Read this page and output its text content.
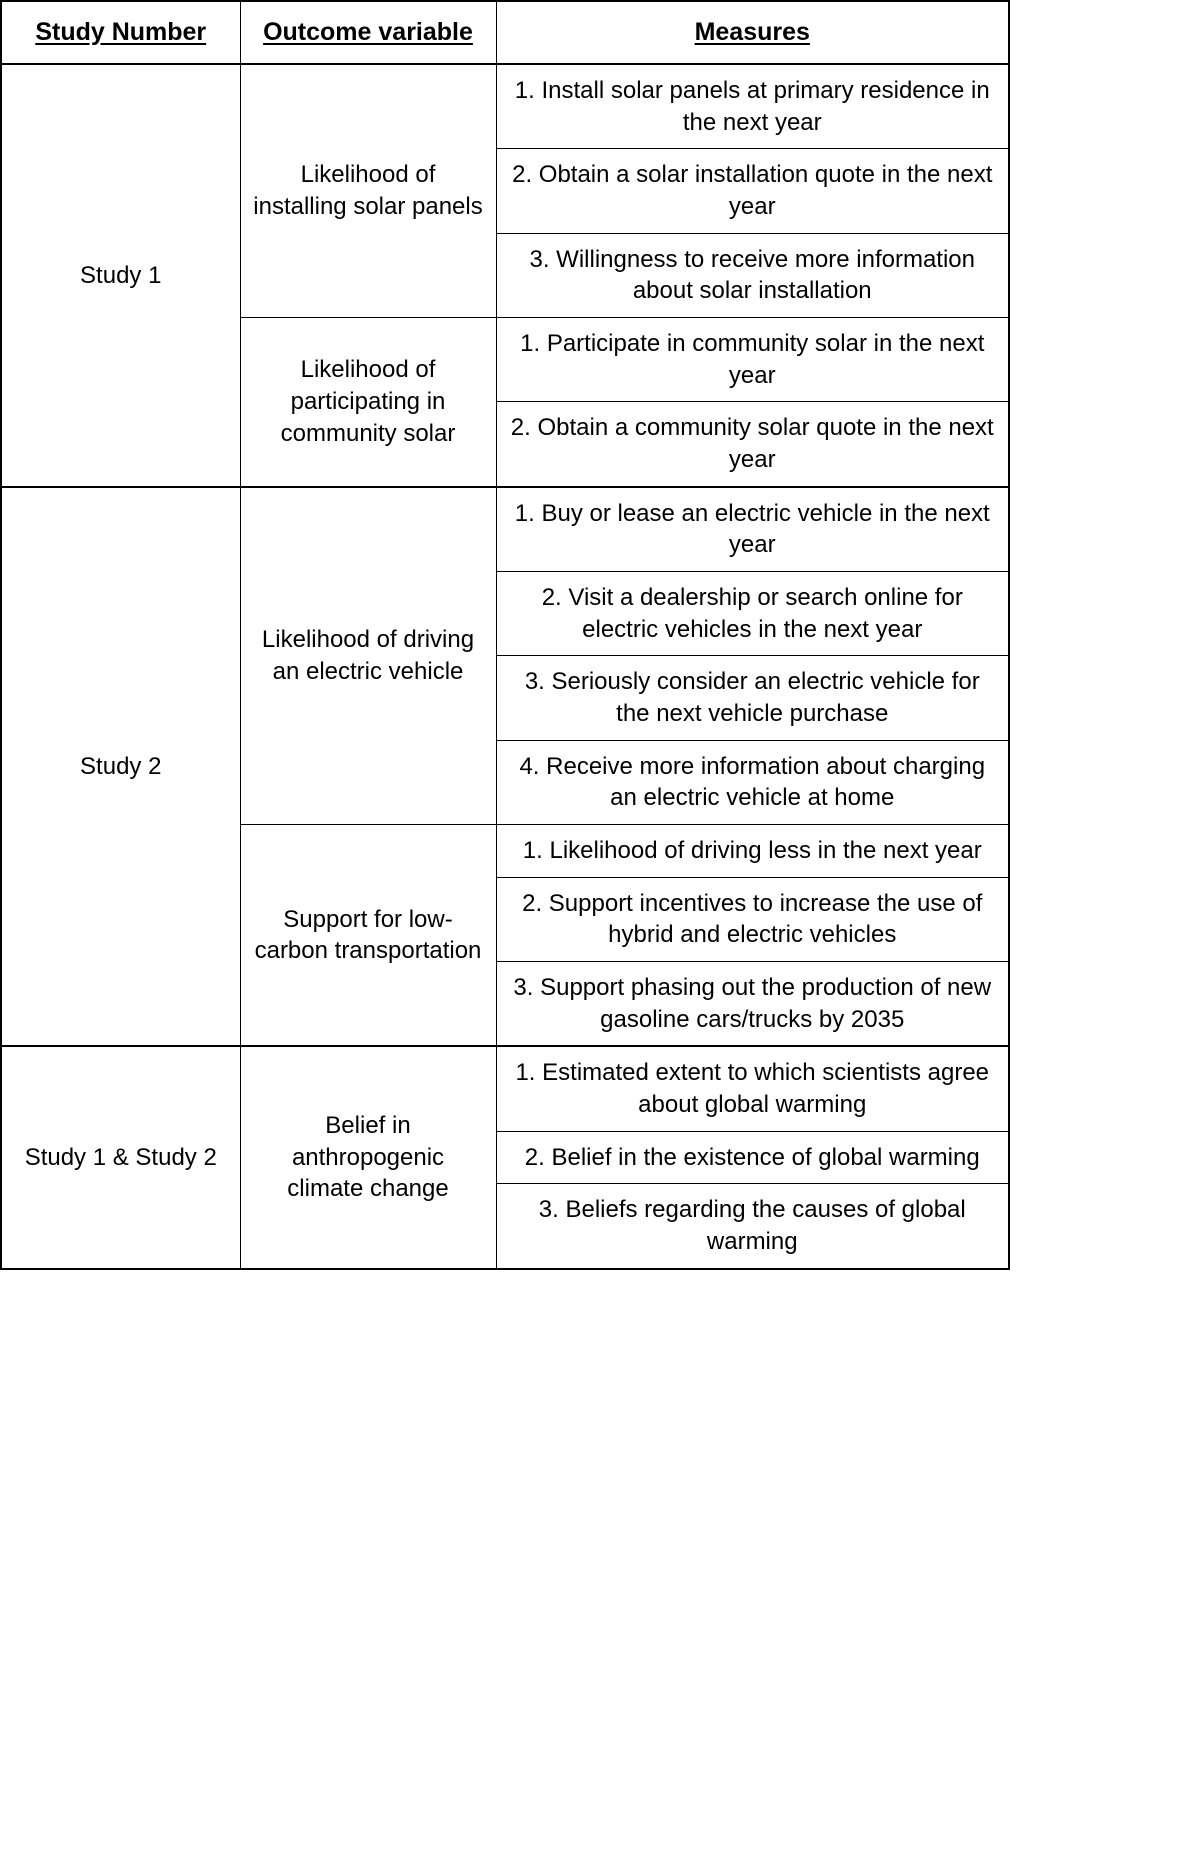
Study Number	Outcome variable	Measures
Study 1	Likelihood of installing solar panels	1. Install solar panels at primary residence in the next year
		2. Obtain a solar installation quote in the next year
		3. Willingness to receive more information about solar installation
	Likelihood of participating in community solar	1. Participate in community solar in the next year
		2. Obtain a community solar quote in the next year
Study 2	Likelihood of driving an electric vehicle	1. Buy or lease an electric vehicle in the next year
		2. Visit a dealership or search online for electric vehicles in the next year
		3. Seriously consider an electric vehicle for the next vehicle purchase
		4. Receive more information about charging an electric vehicle at home
	Support for low-carbon transportation	1. Likelihood of driving less in the next year
		2. Support incentives to increase the use of hybrid and electric vehicles
		3. Support phasing out the production of new gasoline cars/trucks by 2035
Study 1 & Study 2	Belief in anthropogenic climate change	1. Estimated extent to which scientists agree about global warming
		2. Belief in the existence of global warming
		3. Beliefs regarding the causes of global warming
